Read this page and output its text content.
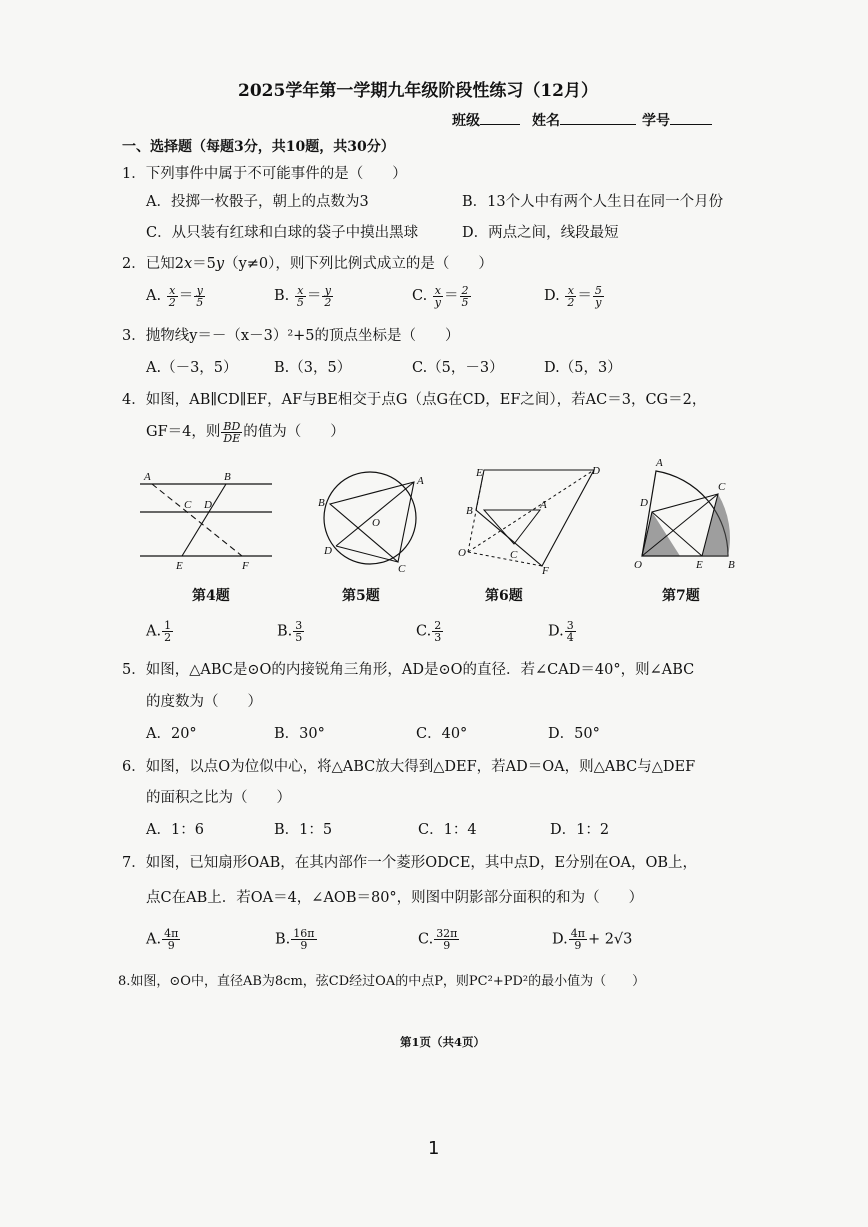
2025学年第一学期九年级阶段性练习（12月）
班级	姓名	学号
一、选择题（每题3分，共10题，共30分）
1．下列事件中属于不可能事件的是（　　）
A．投掷一枚骰子，朝上的点数为3	B．13个人中有两个人生日在同一个月份
C．从只装有红球和白球的袋子中摸出黑球	D．两点之间，线段最短
2．已知2x＝5y（y≠0），则下列比例式成立的是（　　）
A. $\frac{x}{2} = \frac{y}{5}$	B. $\frac{x}{5} = \frac{y}{2}$	C. $\frac{x}{y} = \frac{2}{5}$	D. $\frac{x}{2} = \frac{5}{y}$
3．抛物线y＝－（x－3）²+5的顶点坐标是（　　）
A.（－3，5）	B.（3，5）	C.（5，－3）	D.（5，3）
4．如图，AB∥CD∥EF，AF与BE相交于点G（点G在CD，EF之间），若AC＝3，CG＝2，
GF＝4，则 $\frac{BD}{DE}$ 的值为（　　）
A	B
C D
E	F
A
B
C
D
O
E	D
B	A
C
F
O
A
D
C
O	E B
第4题	第5题	第6题	第7题
A. $\frac{1}{2}$	B. $\frac{3}{5}$	C. $\frac{2}{3}$	D. $\frac{3}{4}$
5．如图，△ABC是⊙O的内接锐角三角形，AD是⊙O的直径．若∠CAD＝40°，则∠ABC
的度数为（　　）
A．20°	B．30°	C．40°	D．50°
6．如图，以点O为位似中心，将△ABC放大得到△DEF，若AD＝OA，则△ABC与△DEF
的面积之比为（　　）
A．1：6	B．1：5	C．1：4	D．1：2
7．如图，已知扇形OAB，在其内部作一个菱形ODCE，其中点D，E分别在OA，OB上，
点C在AB上．若OA＝4，∠AOB＝80°，则图中阴影部分面积的和为（　　）
A. $\frac{4\pi}{9}$	B. $\frac{16\pi}{9}$	C. $\frac{32\pi}{9}$	D. $\frac{4\pi}{9} + 2√3$
8.如图，⊙O中，直径AB为8cm，弦CD经过OA的中点P，则PC²+PD²的最小值为（　　）
第1页（共4页）
1
